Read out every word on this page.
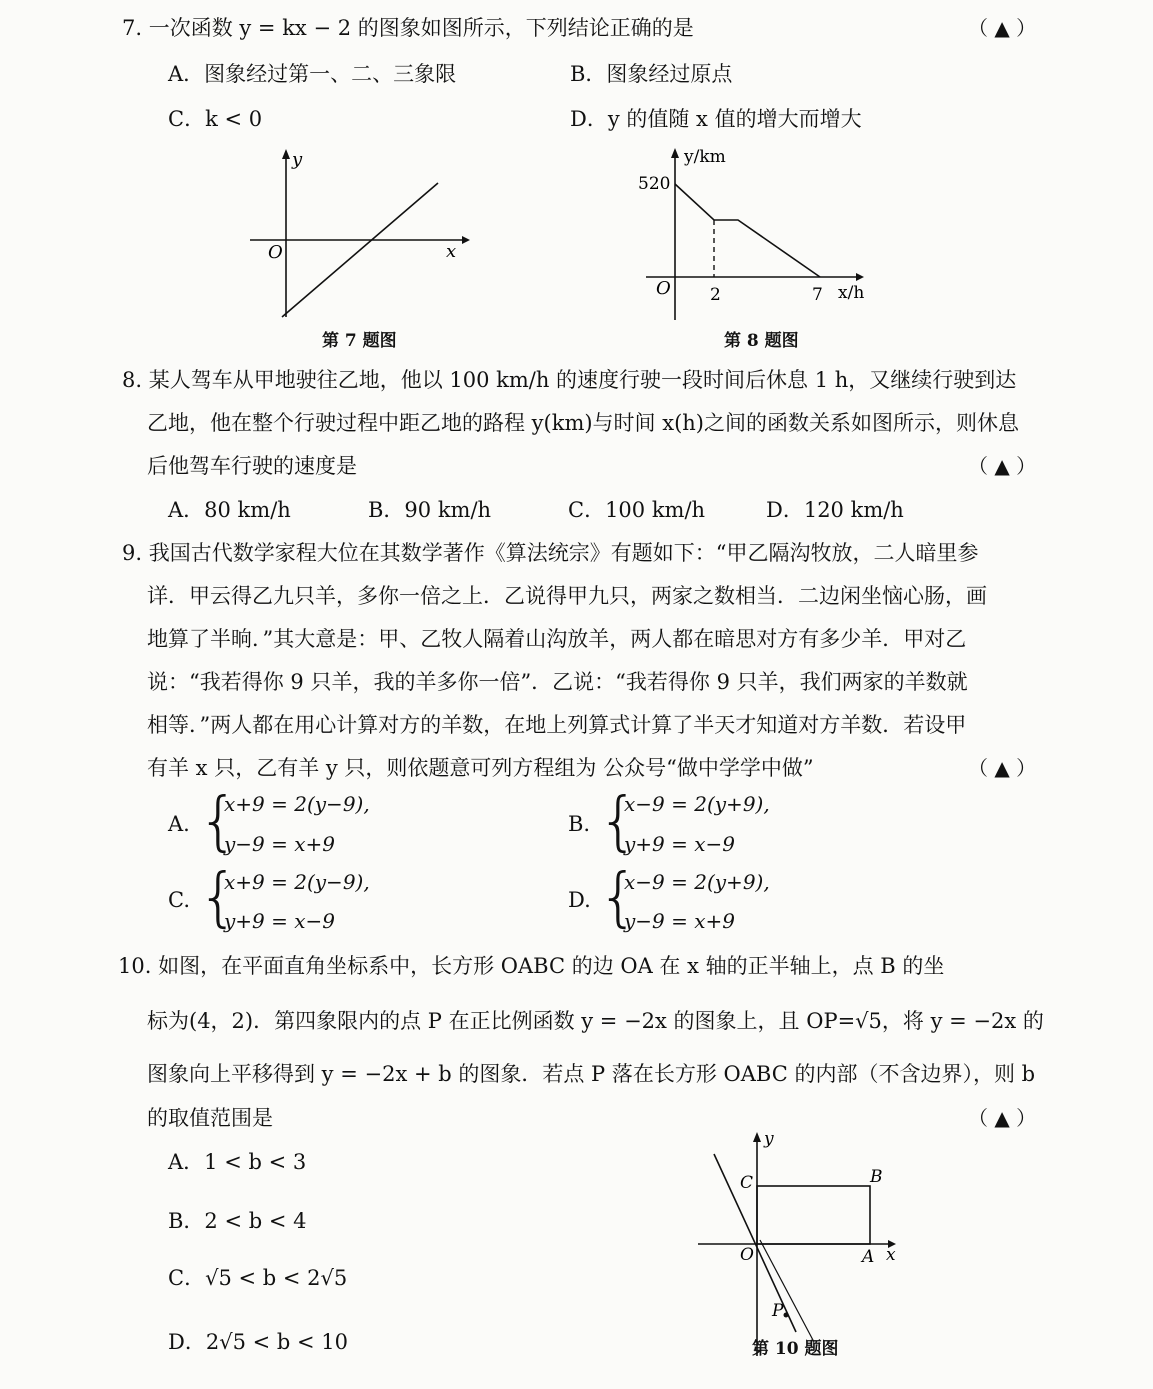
7. 一次函数 y = kx − 2 的图象如图所示，下列结论正确的是	（ ▲ ）
A．图象经过第一、二、三象限	B．图象经过原点
C．k < 0	D．y 的值随 x 值的增大而增大
O	x
y
第 7 题图
y/km
520
O 2	7 x/h
第 8 题图
8. 某人驾车从甲地驶往乙地，他以 100 km/h 的速度行驶一段时间后休息 1 h，又继续行驶到达
乙地，他在整个行驶过程中距乙地的路程 y(km)与时间 x(h)之间的函数关系如图所示，则休息
后他驾车行驶的速度是	（ ▲ ）
A．80 km/h	B．90 km/h	C．100 km/h	D．120 km/h
9. 我国古代数学家程大位在其数学著作《算法统宗》有题如下：“甲乙隔沟牧放，二人暗里参
详．甲云得乙九只羊，多你一倍之上．乙说得甲九只，两家之数相当．二边闲坐恼心肠，画
地算了半晌．”其大意是：甲、乙牧人隔着山沟放羊，两人都在暗思对方有多少羊．甲对乙
说：“我若得你 9 只羊，我的羊多你一倍”．乙说：“我若得你 9 只羊，我们两家的羊数就
相等．”两人都在用心计算对方的羊数，在地上列算式计算了半天才知道对方羊数．若设甲
有羊 x 只，乙有羊 y 只，则依题意可列方程组为 公众号“做中学学中做”	（ ▲ ）
A. {
x+9 = 2(y−9),
y−9 = x+9
B. {
x−9 = 2(y+9),
y+9 = x−9
C. {
x+9 = 2(y−9),
y+9 = x−9
D. {
x−9 = 2(y+9),
y−9 = x+9
10. 如图，在平面直角坐标系中，长方形 OABC 的边 OA 在 x 轴的正半轴上，点 B 的坐
标为(4，2)．第四象限内的点 P 在正比例函数 y = −2x 的图象上，且 OP=√5，将 y = −2x 的
图象向上平移得到 y = −2x + b 的图象．若点 P 落在长方形 OABC 的内部（不含边界），则 b
的取值范围是	（ ▲ ）
A．1 < b < 3
B．2 < b < 4
C．√5 < b < 2√5
D．2√5 < b < 10
y
x
O
C	B
A
P
第 10 题图
